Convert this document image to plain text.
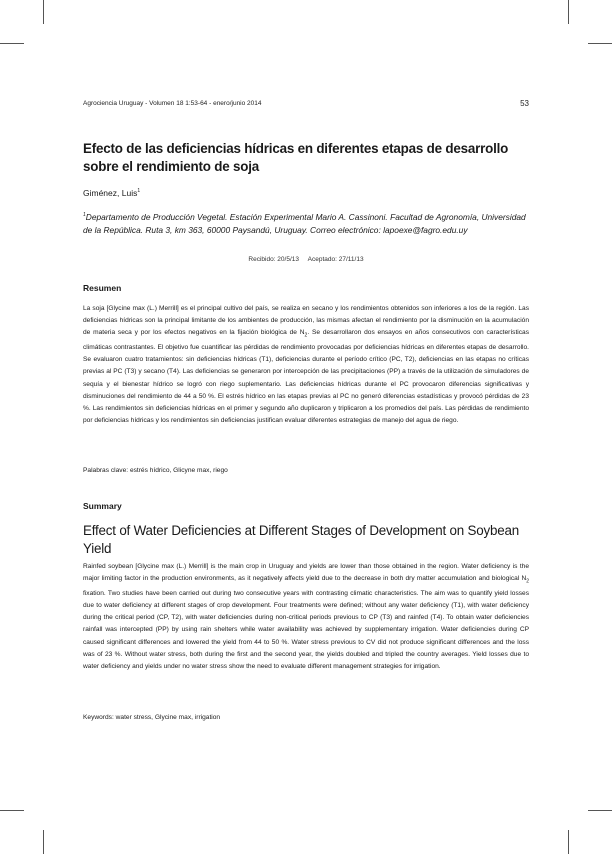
Agrociencia Uruguay - Volumen 18 1:53-64 - enero/junio 2014	53
Efecto de las deficiencias hídricas en diferentes etapas de desarrollo sobre el rendimiento de soja
Giménez, Luis$^1$
$^1$Departamento de Producción Vegetal. Estación Experimental Mario A. Cassinoni. Facultad de Agronomía, Universidad de la República. Ruta 3, km 363, 60000 Paysandú, Uruguay. Correo electrónico: lapoexe@fagro.edu.uy
Recibido: 20/5/13     Aceptado: 27/11/13
Resumen

La soja [Glycine max (L.) Merrill] es el principal cultivo del país, se realiza en secano y los rendimientos obtenidos son inferiores a los de la región. Las deficiencias hídricas son la principal limitante de los ambientes de producción, las mismas afectan el rendimiento por la disminución en la acumulación de materia seca y por los efectos negativos en la fijación biológica de $N_2$. Se desarrollaron dos ensayos en años consecutivos con características climáticas contrastantes. El objetivo fue cuantificar las pérdidas de rendimiento provocadas por deficiencias hídricas en diferentes etapas de desarrollo. Se evaluaron cuatro tratamientos: sin deficiencias hídricas (T1), deficiencias durante el período crítico (PC, T2), deficiencias en las etapas no críticas previas al PC (T3) y secano (T4). Las deficiencias se generaron por intercepción de las precipitaciones (PP) a través de la utilización de simuladores de sequía y el bienestar hídrico se logró con riego suplementario. Las deficiencias hídricas durante el PC provocaron diferencias significativas y disminuciones del rendimiento de 44 a 50 %. El estrés hídrico en las etapas previas al PC no generó diferencias estadísticas y provocó pérdidas de 23 %. Las rendimientos sin deficiencias hídricas en el primer y segundo año duplicaron y triplicaron a los promedios del país. Las pérdidas de rendimiento por deficiencias hídricas y los rendimientos sin deficiencias justifican evaluar diferentes estrategias de manejo del agua de riego.

Palabras clave: estrés hídrico, Glicyne max, riego
Summary
Effect of Water Deficiencies at Different Stages of Development on Soybean Yield

Rainfed soybean [Glycine max (L.) Merrill] is the main crop in Uruguay and yields are lower than those obtained in the region. Water deficiency is the major limiting factor in the production environments, as it negatively affects yield due to the decrease in both dry matter accumulation and biological $N_2$ fixation. Two studies have been carried out during two consecutive years with contrasting climatic characteristics. The aim was to quantify yield losses due to water deficiency at different stages of crop development. Four treatments were defined; without any water deficiency (T1), with water deficiency during the critical period (CP, T2), with water deficiencies during non-critical periods previous to CP (T3) and rainfed (T4). To obtain water deficiencies rainfall was intercepted (PP) by using rain shelters while water availability was achieved by supplementary irrigation. Water deficiencies during CP caused significant differences and lowered the yield from 44 to 50 %. Water stress previous to CV did not produce significant differences and the loss was of 23 %. Without water stress, both during the first and the second year, the yields doubled and tripled the country averages. Yield losses due to water deficiency and yields under no water stress show the need to evaluate different management strategies for irrigation.

Keywords: water stress, Glycine max, irrigation
